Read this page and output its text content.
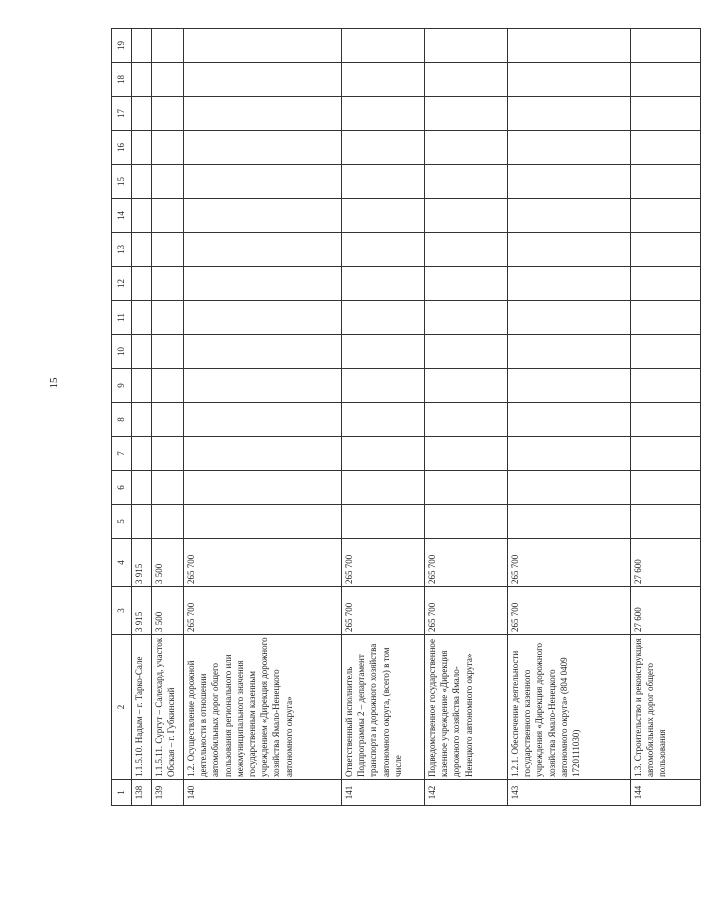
15
1	2	3	4	5	6	7	8	9	10	11	12	13	14	15	16	17	18	19
138	1.1.5.10. Надым – г. Тарко-Сале	3 915	3 915															
139	1.1.5.11. Сургут – Салехард, участок Обская – г. Губкинский	3 500	3 500															
140	1.2. Осуществление дорожной деятельности в отношении автомобильных дорог общего пользования регионального или межмуниципального значения государственным казенным учреждением «Дирекция дорожного хозяйства Ямало-Ненецкого автономного округа»	265 700	265 700															
141	Ответственный исполнитель Подпрограммы 2 – департамент транспорта и дорожного хозяйства автономного округа, (всего) в том числе	265 700	265 700															
142	Подведомственное государственное казенное учреждение «Дирекция дорожного хозяйства Ямало-Ненецкого автономного округа»	265 700	265 700															
143	1.2.1. Обеспечение деятельности государственного казенного учреждения «Дирекция дорожного хозяйства Ямало-Ненецкого автономного округа» (804 0409 1720111030)	265 700	265 700															
144	1.3. Строительство и реконструкция автомобильных дорог общего пользования	27 600	27 600															
